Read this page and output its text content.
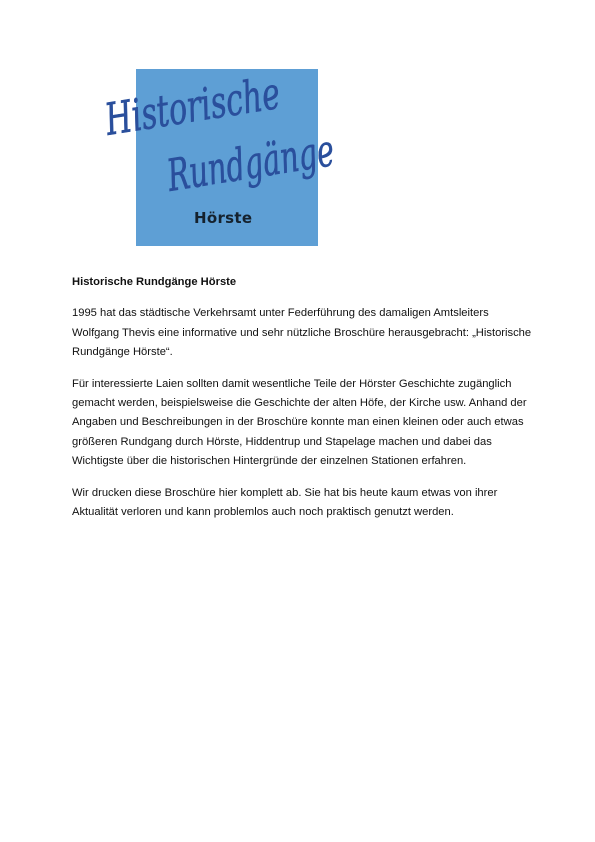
Historische
Rundgänge
Hörste
Historische Rundgänge Hörste

1995 hat das städtische Verkehrsamt unter Federführung des damaligen Amtsleiters Wolfgang Thevis eine informative und sehr nützliche Broschüre herausgebracht: „Historische Rundgänge Hörste“.

Für interessierte Laien sollten damit wesentliche Teile der Hörster Geschichte zugänglich gemacht werden, beispielsweise die Geschichte der alten Höfe, der Kirche usw. Anhand der Angaben und Beschreibungen in der Broschüre konnte man einen kleinen oder auch etwas größeren Rundgang durch Hörste, Hiddentrup und Stapelage machen und dabei das Wichtigste über die historischen Hintergründe der einzelnen Stationen erfahren.

Wir drucken diese Broschüre hier komplett ab. Sie hat bis heute kaum etwas von ihrer Aktualität verloren und kann problemlos auch noch praktisch genutzt werden.
